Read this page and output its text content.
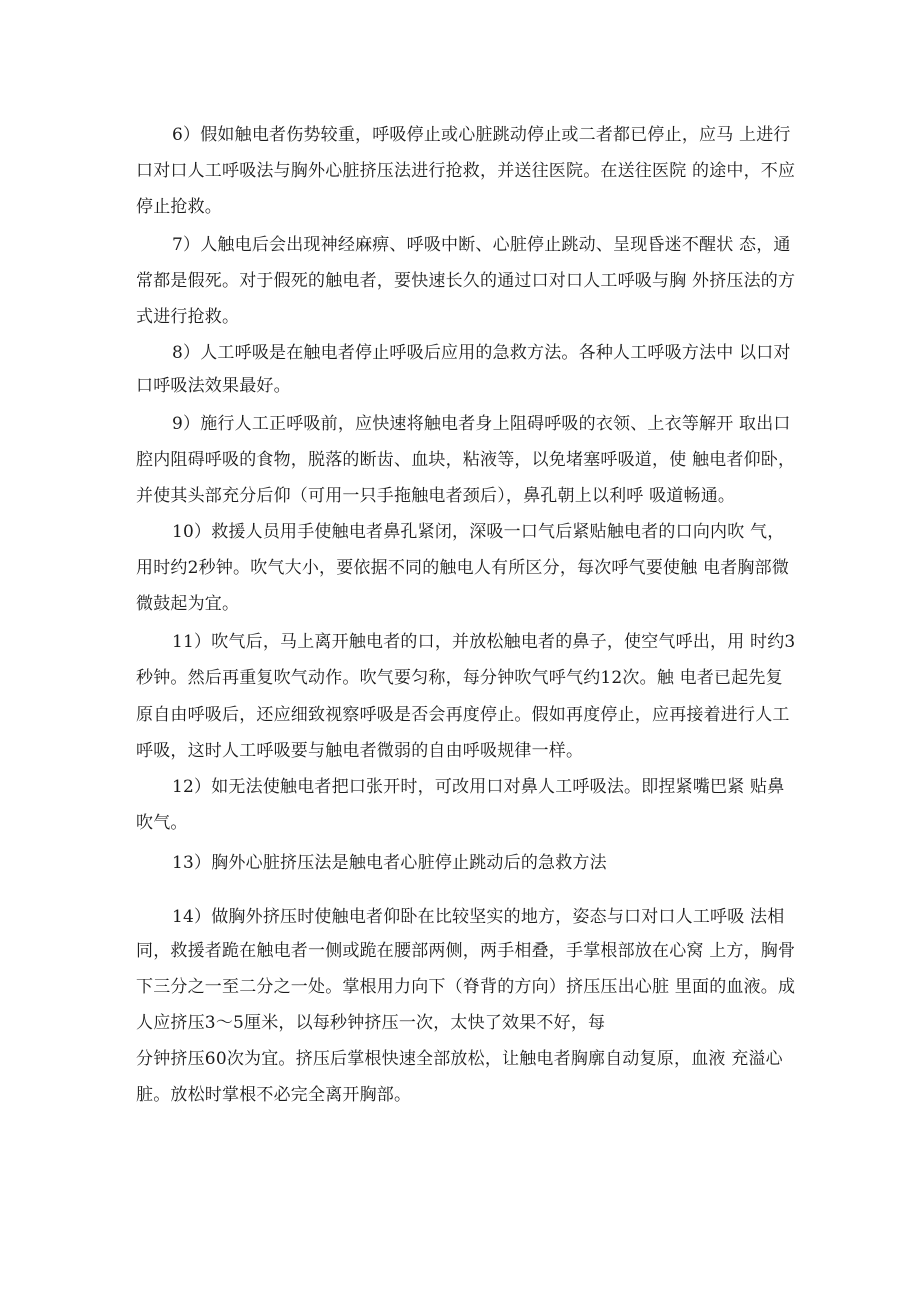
6）假如触电者伤势较重，呼吸停止或心脏跳动停止或二者都已停止，应马 上进行
口对口人工呼吸法与胸外心脏挤压法进行抢救，并送往医院。在送往医院 的途中，不应
停止抢救。
7）人触电后会出现神经麻痹、呼吸中断、心脏停止跳动、呈现昏迷不醒状 态，通
常都是假死。对于假死的触电者，要快速长久的通过口对口人工呼吸与胸 外挤压法的方
式进行抢救。
8）人工呼吸是在触电者停止呼吸后应用的急救方法。各种人工呼吸方法中 以口对
口呼吸法效果最好。
9）施行人工正呼吸前，应快速将触电者身上阻碍呼吸的衣领、上衣等解开 取出口
腔内阻碍呼吸的食物，脱落的断齿、血块，粘液等，以免堵塞呼吸道，使 触电者仰卧，
并使其头部充分后仰（可用一只手拖触电者颈后），鼻孔朝上以利呼 吸道畅通。
10）救援人员用手使触电者鼻孔紧闭，深吸一口气后紧贴触电者的口向内吹 气，
用时约2秒钟。吹气大小，要依据不同的触电人有所区分，每次呼气要使触 电者胸部微
微鼓起为宜。
11）吹气后，马上离开触电者的口，并放松触电者的鼻子，使空气呼出，用 时约3
秒钟。然后再重复吹气动作。吹气要匀称，每分钟吹气呼气约12次。触 电者已起先复
原自由呼吸后，还应细致视察呼吸是否会再度停止。假如再度停止，应再接着进行人工
呼吸，这时人工呼吸要与触电者微弱的自由呼吸规律一样。
12）如无法使触电者把口张开时，可改用口对鼻人工呼吸法。即捏紧嘴巴紧 贴鼻
吹气。
13）胸外心脏挤压法是触电者心脏停止跳动后的急救方法
14）做胸外挤压时使触电者仰卧在比较坚实的地方，姿态与口对口人工呼吸 法相
同，救援者跪在触电者一侧或跪在腰部两侧，两手相叠，手掌根部放在心窝 上方，胸骨
下三分之一至二分之一处。掌根用力向下（脊背的方向）挤压压出心脏 里面的血液。成
人应挤压3～5厘米，以每秒钟挤压一次，太快了效果不好，每
分钟挤压60次为宜。挤压后掌根快速全部放松，让触电者胸廓自动复原，血液 充溢心
脏。放松时掌根不必完全离开胸部。
